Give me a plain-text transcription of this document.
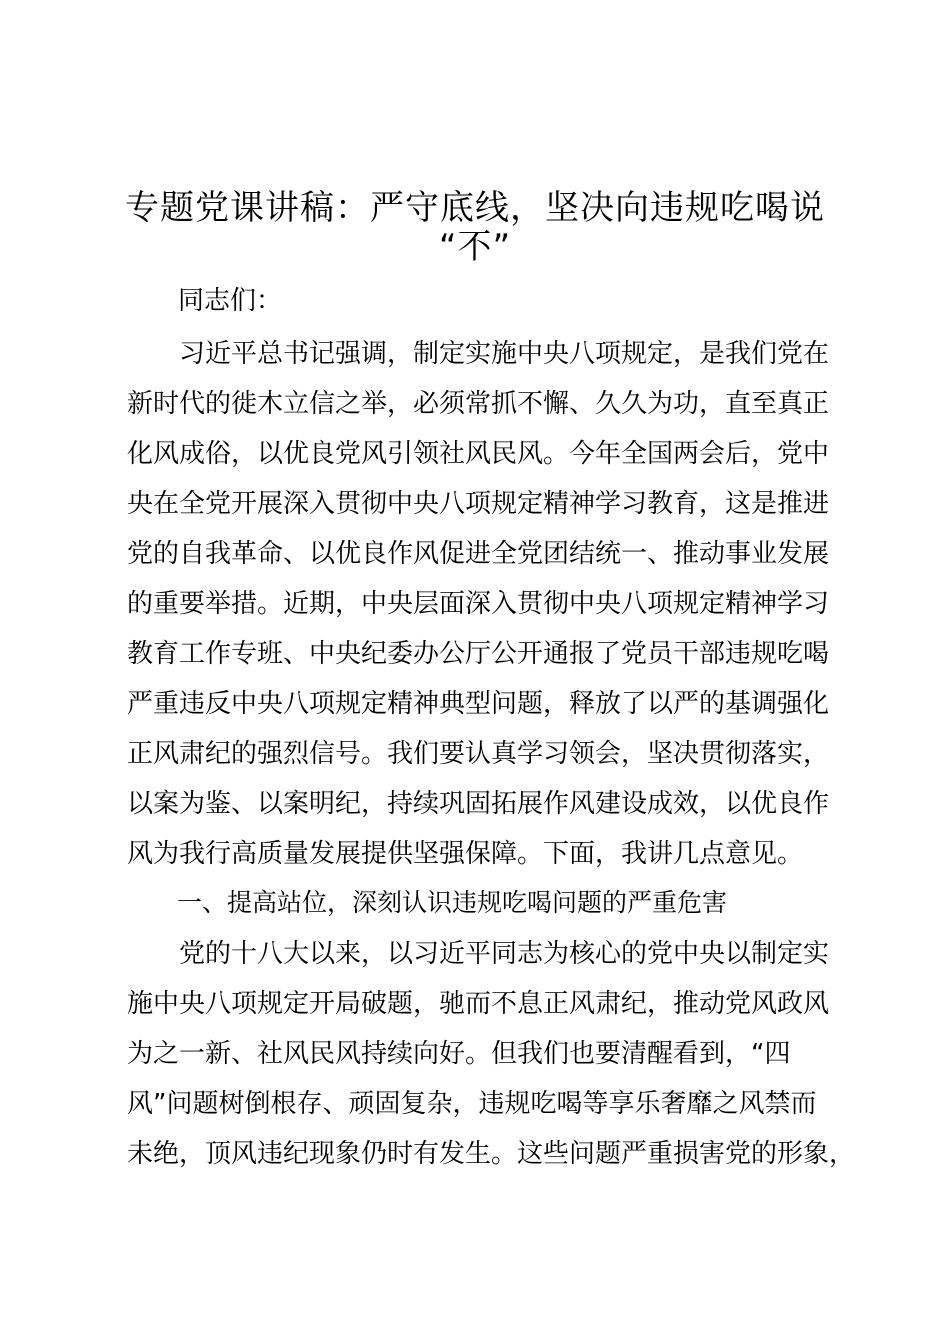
专题党课讲稿：严守底线，坚决向违规吃喝说
“不”
同志们：
　　习近平总书记强调，制定实施中央八项规定，是我们党在
新时代的徙木立信之举，必须常抓不懈、久久为功，直至真正
化风成俗，以优良党风引领社风民风。今年全国两会后，党中
央在全党开展深入贯彻中央八项规定精神学习教育，这是推进
党的自我革命、以优良作风促进全党团结统一、推动事业发展
的重要举措。近期，中央层面深入贯彻中央八项规定精神学习
教育工作专班、中央纪委办公厅公开通报了党员干部违规吃喝
严重违反中央八项规定精神典型问题，释放了以严的基调强化
正风肃纪的强烈信号。我们要认真学习领会，坚决贯彻落实，
以案为鉴、以案明纪，持续巩固拓展作风建设成效，以优良作
风为我行高质量发展提供坚强保障。下面，我讲几点意见。
　　一、提高站位，深刻认识违规吃喝问题的严重危害
　　党的十八大以来，以习近平同志为核心的党中央以制定实
施中央八项规定开局破题，驰而不息正风肃纪，推动党风政风
为之一新、社风民风持续向好。但我们也要清醒看到，“四
风”问题树倒根存、顽固复杂，违规吃喝等享乐奢靡之风禁而
未绝，顶风违纪现象仍时有发生。这些问题严重损害党的形象，
